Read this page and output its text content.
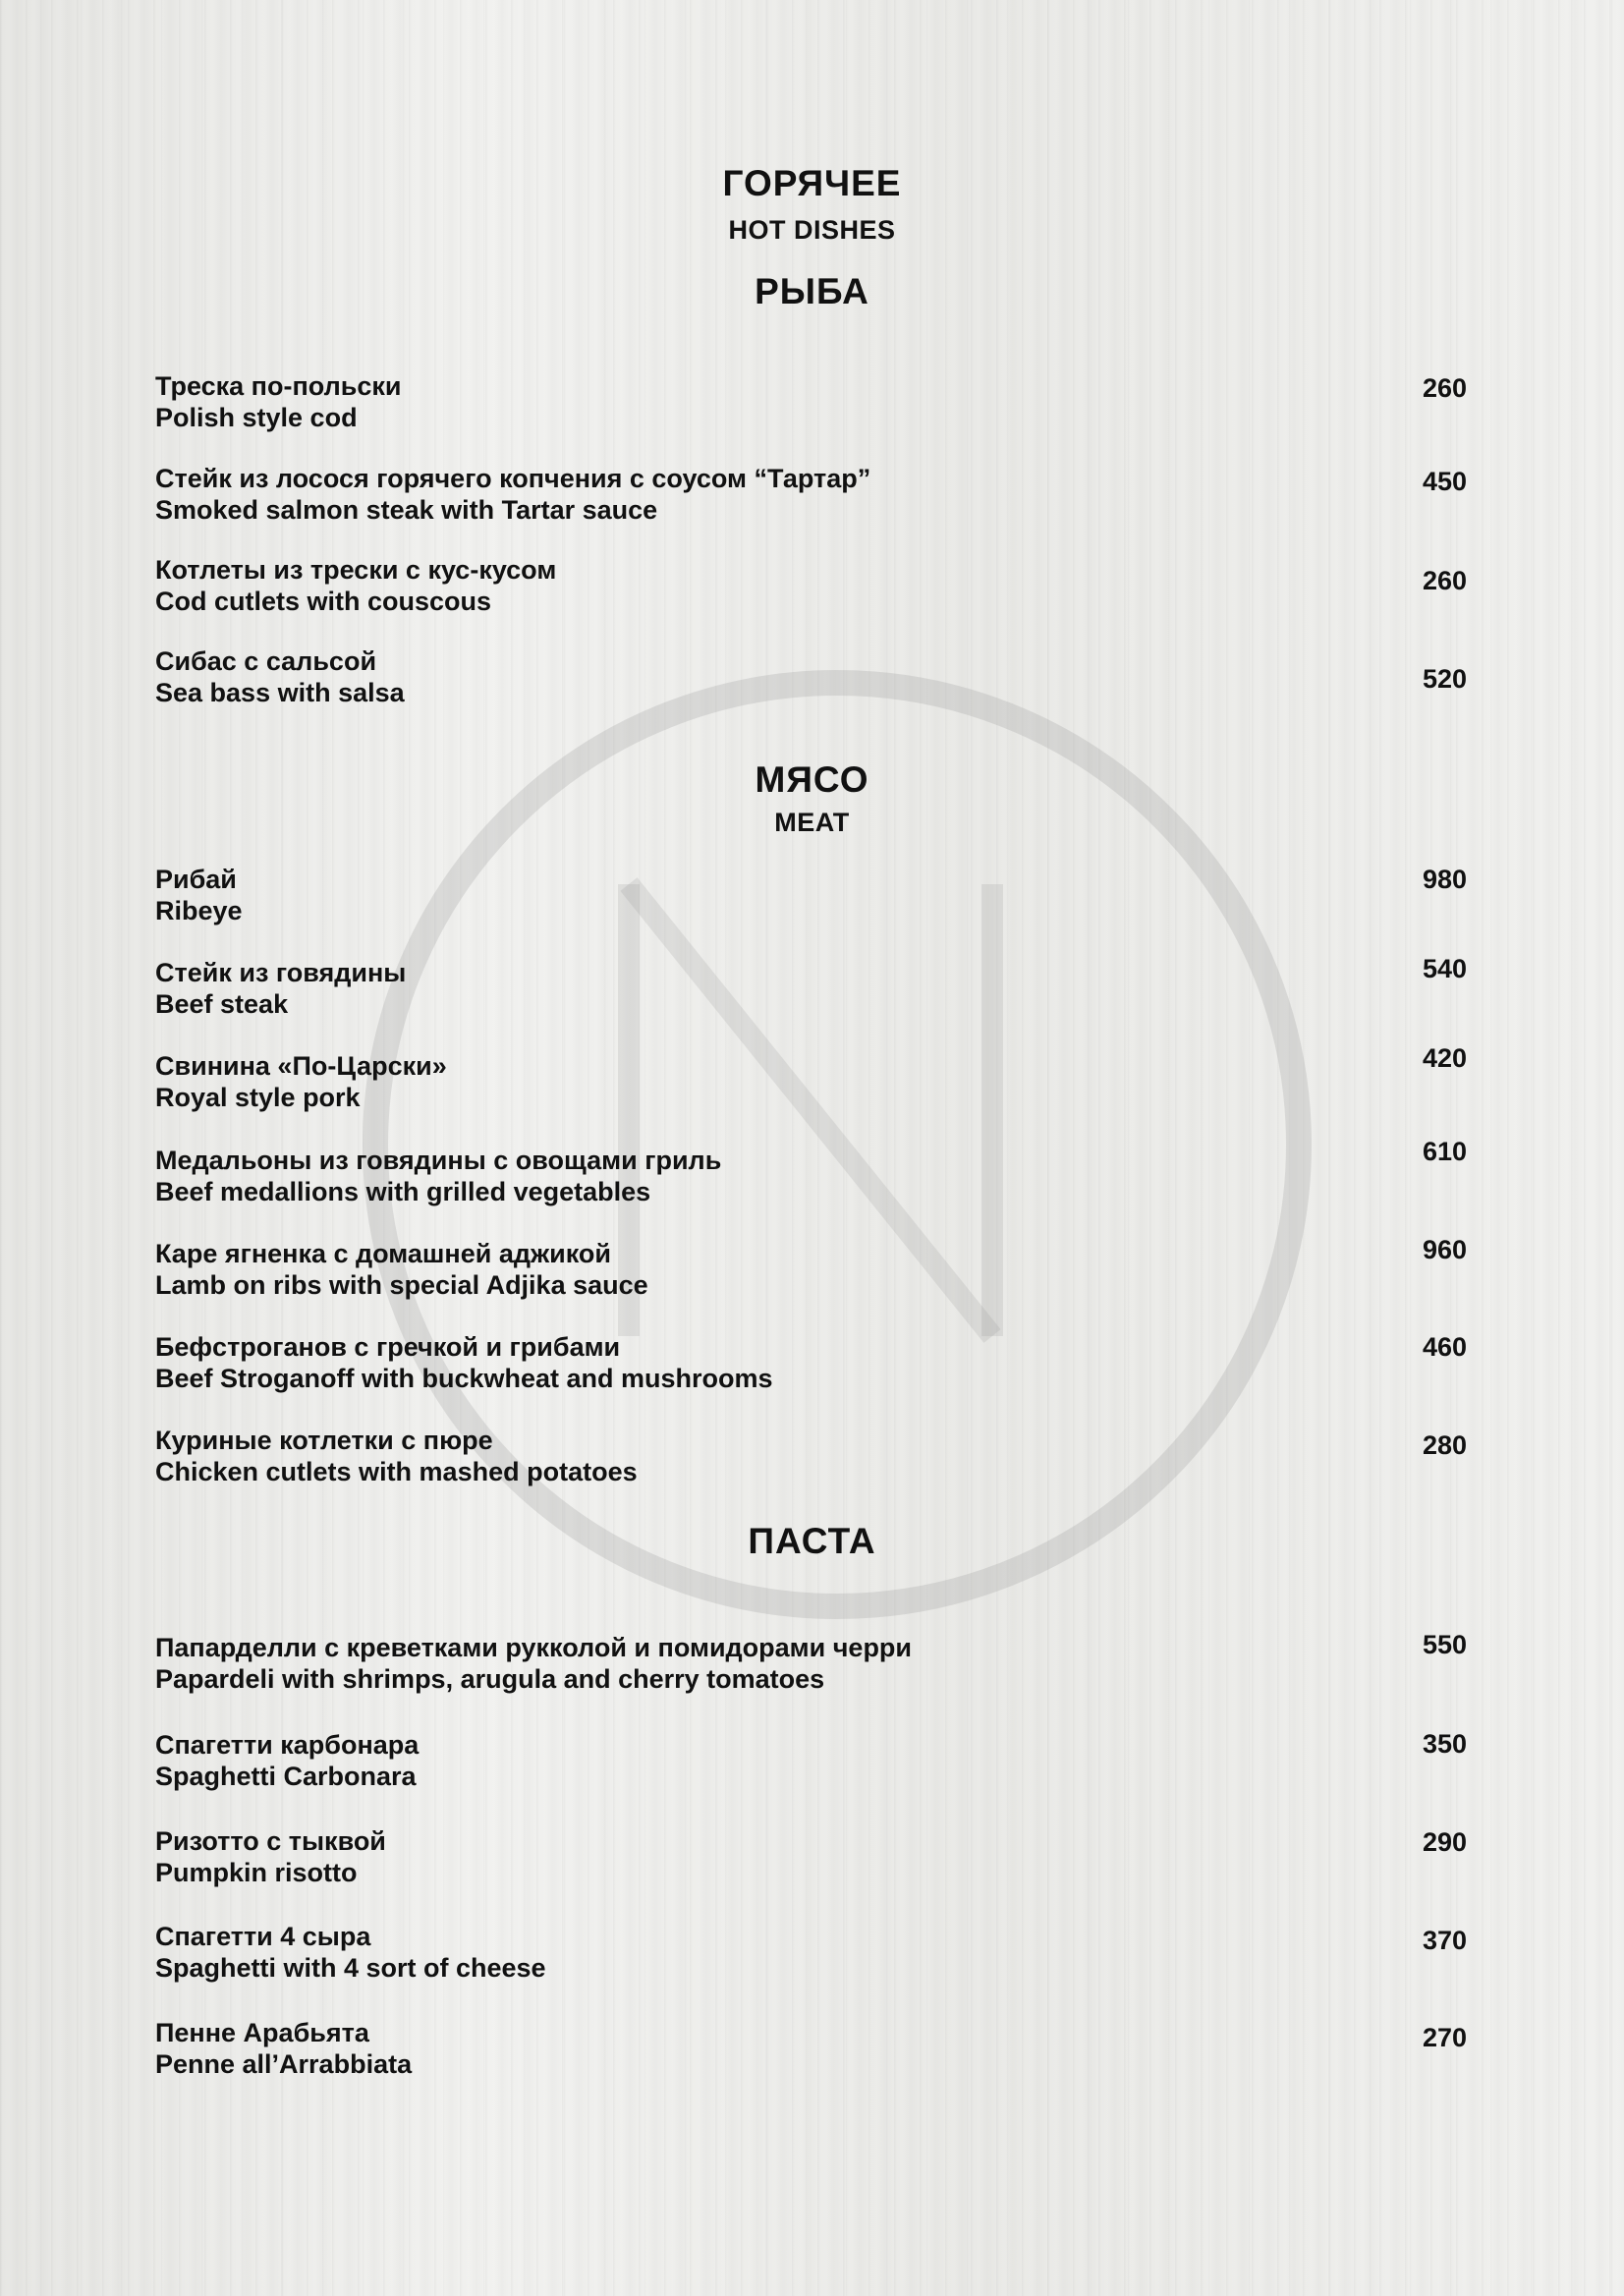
N
ГОРЯЧЕЕ
HOT DISHES
РЫБА
Треска по-польски
Polish style cod
260
Стейк из лосося горячего копчения с соусом “Тартар”
Smoked salmon steak with Tartar sauce
450
Котлеты из трески с кус-кусом
Cod cutlets with couscous
260
Сибас с сальсой
Sea bass with salsa	520
МЯСО
MEAT
Рибай
Ribeye
980
Стейк из говядины
Beef steak
540
Свинина «По-Царски»
Royal style pork
420
Медальоны из говядины с овощами гриль
Beef medallions with grilled vegetables
610
Каре ягненка с домашней аджикой
Lamb on ribs with special Adjika sauce
960
Бефстроганов с гречкой и грибами
Beef Stroganoff with buckwheat and mushrooms
460
Куриные котлетки с пюре
Chicken cutlets with mashed potatoes
280
ПАСТА
Папарделли с креветками рукколой и помидорами черри
Papardeli with shrimps, arugula and cherry tomatoes
550
Спагетти карбонара
Spaghetti Carbonara
350
Ризотто с тыквой
Pumpkin risotto
290
Спагетти 4 сыра
Spaghetti with 4 sort of cheese
370
Пенне Арабьята
Penne all’Arrabbiata
270
